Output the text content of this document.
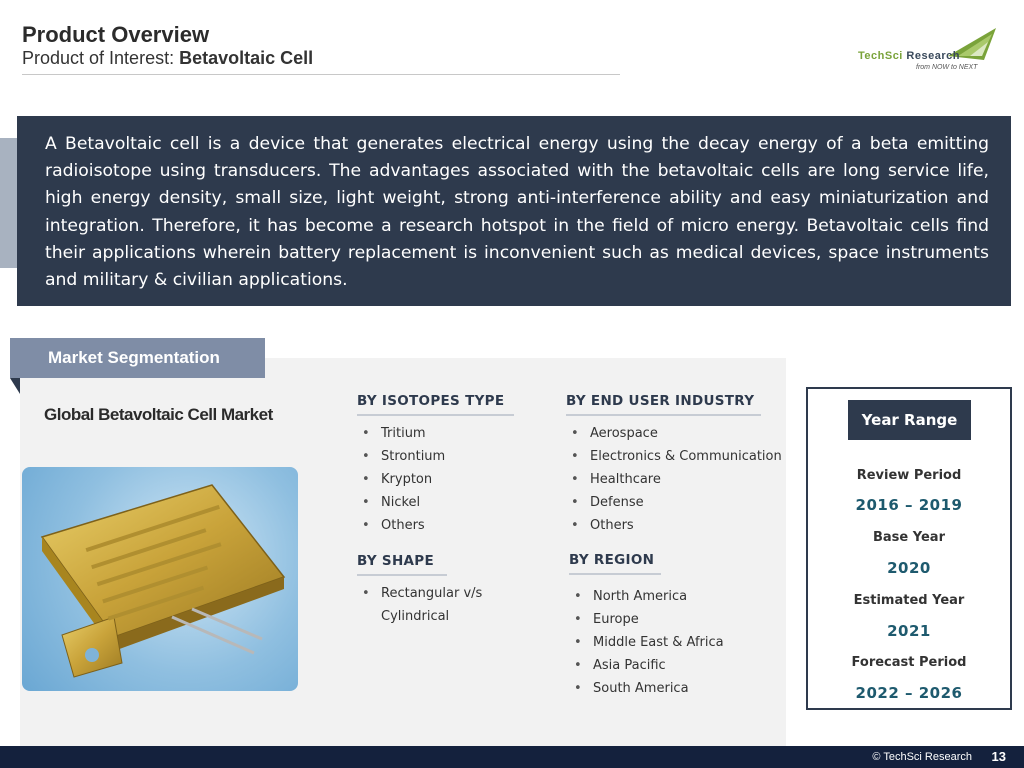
Product Overview
Product of Interest: Betavoltaic Cell	TechSci Research
from NOW to NEXT
A Betavoltaic cell is a device that generates electrical energy using the decay energy of a beta emitting radioisotope using transducers. The advantages associated with the betavoltaic cells are long service life, high energy density, small size, light weight, strong anti-interference ability and easy miniaturization and integration. Therefore, it has become a research hotspot in the field of micro energy. Betavoltaic cells find their applications wherein battery replacement is inconvenient such as medical devices, space instruments and military & civilian applications.
Market Segmentation
Global Betavoltaic Cell Market
BY ISOTOPES TYPE
• Tritium
• Strontium
• Krypton
• Nickel
• Others
BY END USER INDUSTRY
• Aerospace
• Electronics & Communication
• Healthcare
• Defense
• Others
BY SHAPE
• Rectangular v/s
Cylindrical
BY REGION
• North America
• Europe
• Middle East & Africa
• Asia Pacific
• South America
Year Range
Review Period
2016 – 2019
Base Year
2020
Estimated Year
2021
Forecast Period
2022 – 2026
© TechSci Research 13
